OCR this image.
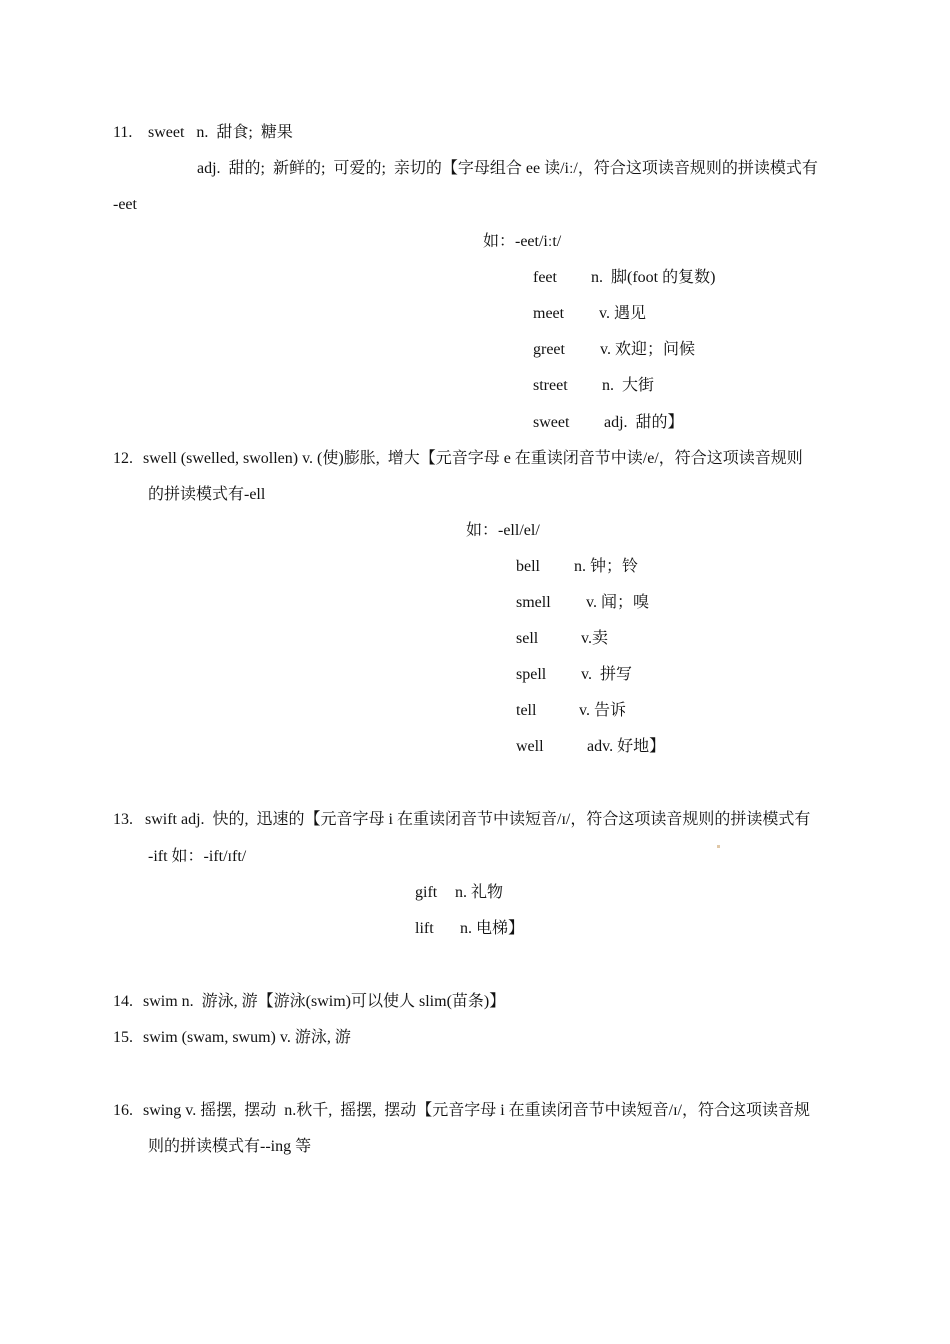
11. sweet   n.  甜食;  糖果
adj.  甜的;  新鲜的;  可爱的;  亲切的【字母组合 ee 读/iː/，符合这项读音规则的拼读模式有
-eet
如：-eet/iːt/
feet n.  脚(foot 的复数)
meet v. 遇见
greet v. 欢迎；问候
street n.  大街
sweet adj.  甜的】
12. swell (swelled, swollen) v. (使)膨胀,  增大【元音字母 e 在重读闭音节中读/e/，符合这项读音规则
的拼读模式有-ell
如：-ell/el/
bell n. 钟；铃
smell v. 闻；嗅
sell	v.卖
spell v.  拼写
tell	v. 告诉
well	adv. 好地】
13. swift adj.  快的,  迅速的【元音字母 i 在重读闭音节中读短音/ɪ/，符合这项读音规则的拼读模式有
-ift 如：-ift/ɪft/
gift n. 礼物
lift n. 电梯】
14. swim n.  游泳, 游【游泳(swim)可以使人 slim(苗条)】
15. swim (swam, swum) v. 游泳, 游
16. swing v. 摇摆,  摆动  n.秋千,  摇摆,  摆动【元音字母 i 在重读闭音节中读短音/ɪ/，符合这项读音规
则的拼读模式有--ing 等
